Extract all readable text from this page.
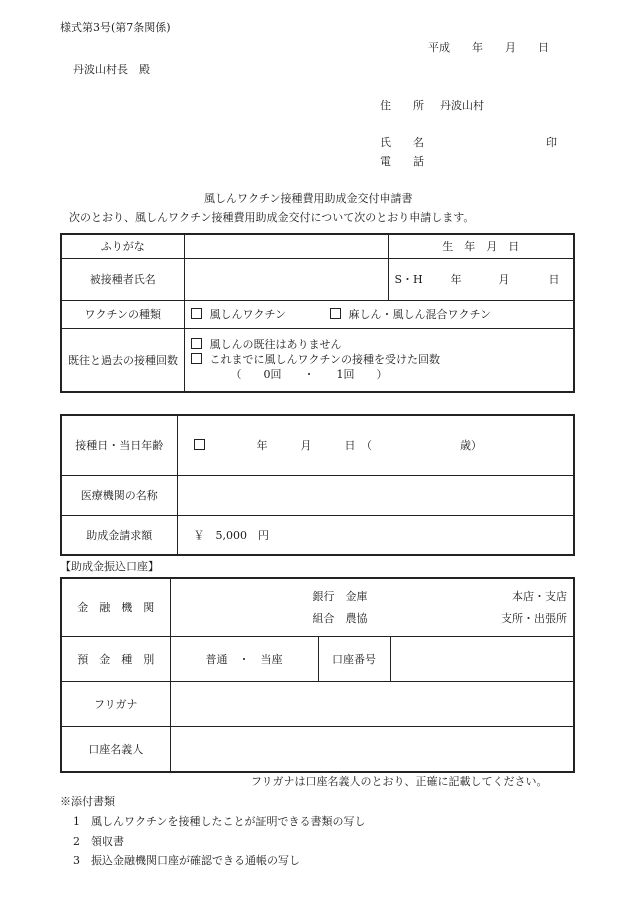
様式第3号(第7条関係)
平成　　年　　月　　日
丹波山村長　殿
住　　所 丹波山村
氏　　名	印
電　　話
風しんワクチン接種費用助成金交付申請書
次のとおり、風しんワクチン接種費用助成金交付について次のとおり申請します。
ふりがな		生　年　月　日
被接種者氏名		S・H 年 月 日
ワクチンの種類	風しんワクチン 麻しん・風しん混合ワクチン	
既往と過去の接種回数	風しんの既往はありません
これまでに風しんワクチンの接種を受けた回数
（　　0回　　・　　1回　　）	
接種日・当日年齢	年　　　月　　　日　（　　　　　　　　歳）
医療機関の名称	
助成金請求額	￥　5,000　円
【助成金振込口座】
金　融　機　関	銀行　金庫
組合　農協
本店・支店
支所・出張所		

預　金　種　別	普通　・　当座	口座番号	
フリガナ			
口座名義人			
フリガナは口座名義人のとおり、正確に記載してください。
※添付書類
1　風しんワクチンを接種したことが証明できる書類の写し
2　領収書
3　振込金融機関口座が確認できる通帳の写し
